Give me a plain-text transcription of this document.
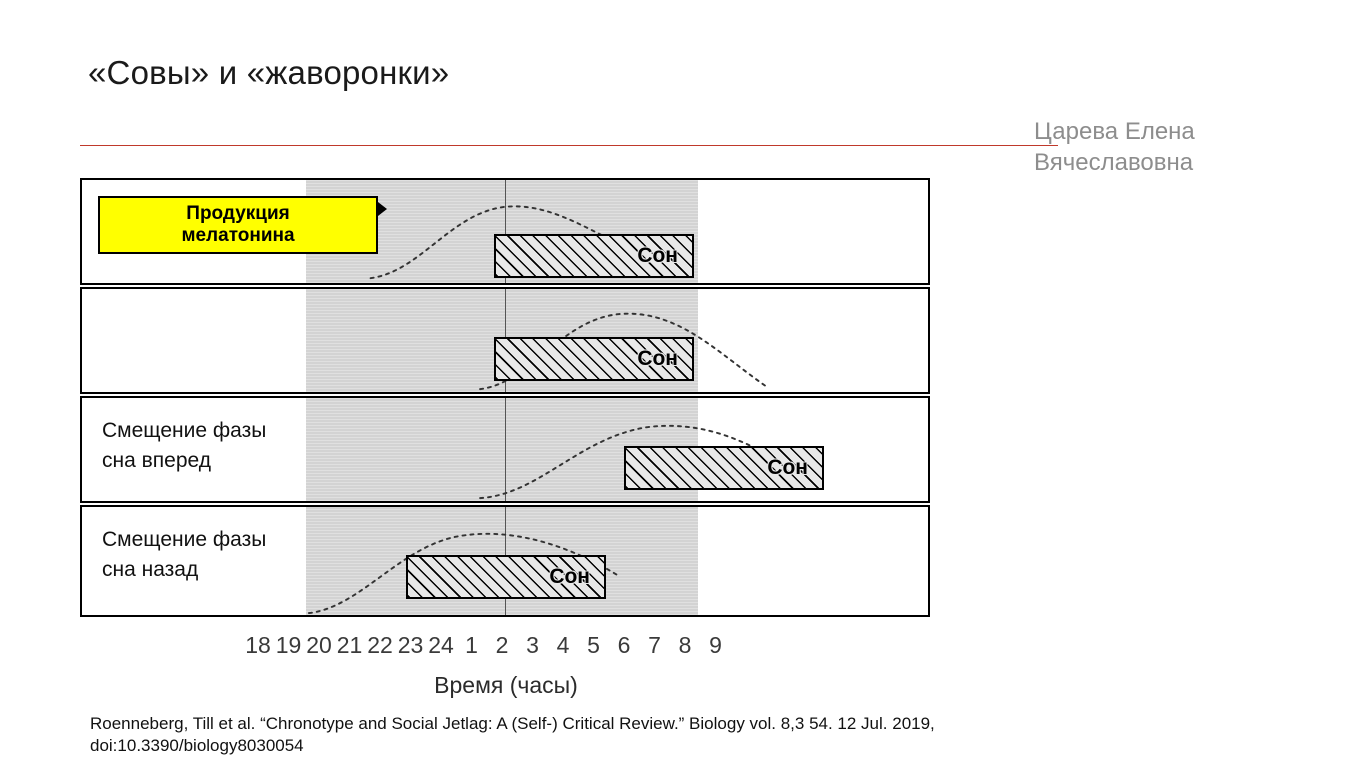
«Совы» и «жаворонки»
Царева Елена
Вячеславовна
Продукция
мелатонина
Сон
Сон
Смещение фазы
сна вперед	Сон
Смещение фазы
сна назад	Сон
18 19 20 21 22 23 24 1 2 3 4 5 6 7 8 9
Время (часы)
Roenneberg, Till et al. “Chronotype and Social Jetlag: A (Self-) Critical Review.” Biology vol. 8,3 54. 12 Jul. 2019,
doi:10.3390/biology8030054
